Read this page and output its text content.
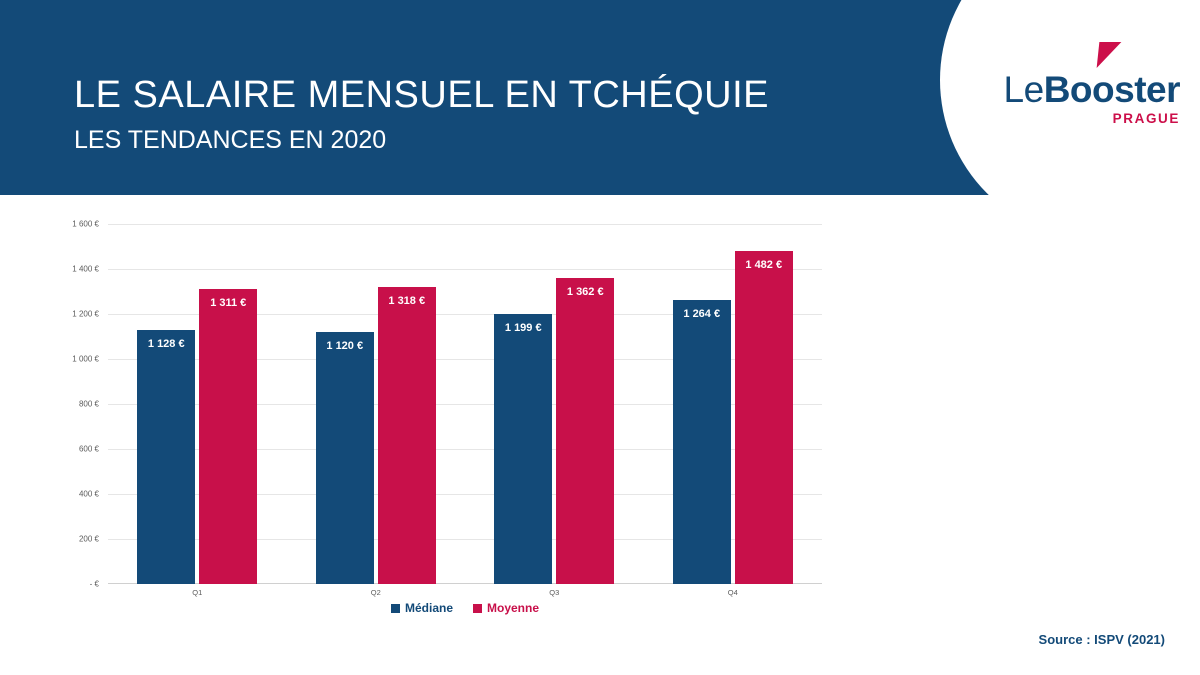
LE SALAIRE MENSUEL EN TCHÉQUIE
LES TENDANCES EN 2020
LeBooster
PRAGUE
- €
200 €
400 €
600 €
800 €
1 000 €
1 200 €
1 400 €
1 600 €
1 128 €
1 311 €
Q1
1 120 €
1 318 €
Q2
1 199 €
1 362 €
Q3
1 264 €
1 482 €
Q4
Médiane	Moyenne
Source : ISPV (2021)
